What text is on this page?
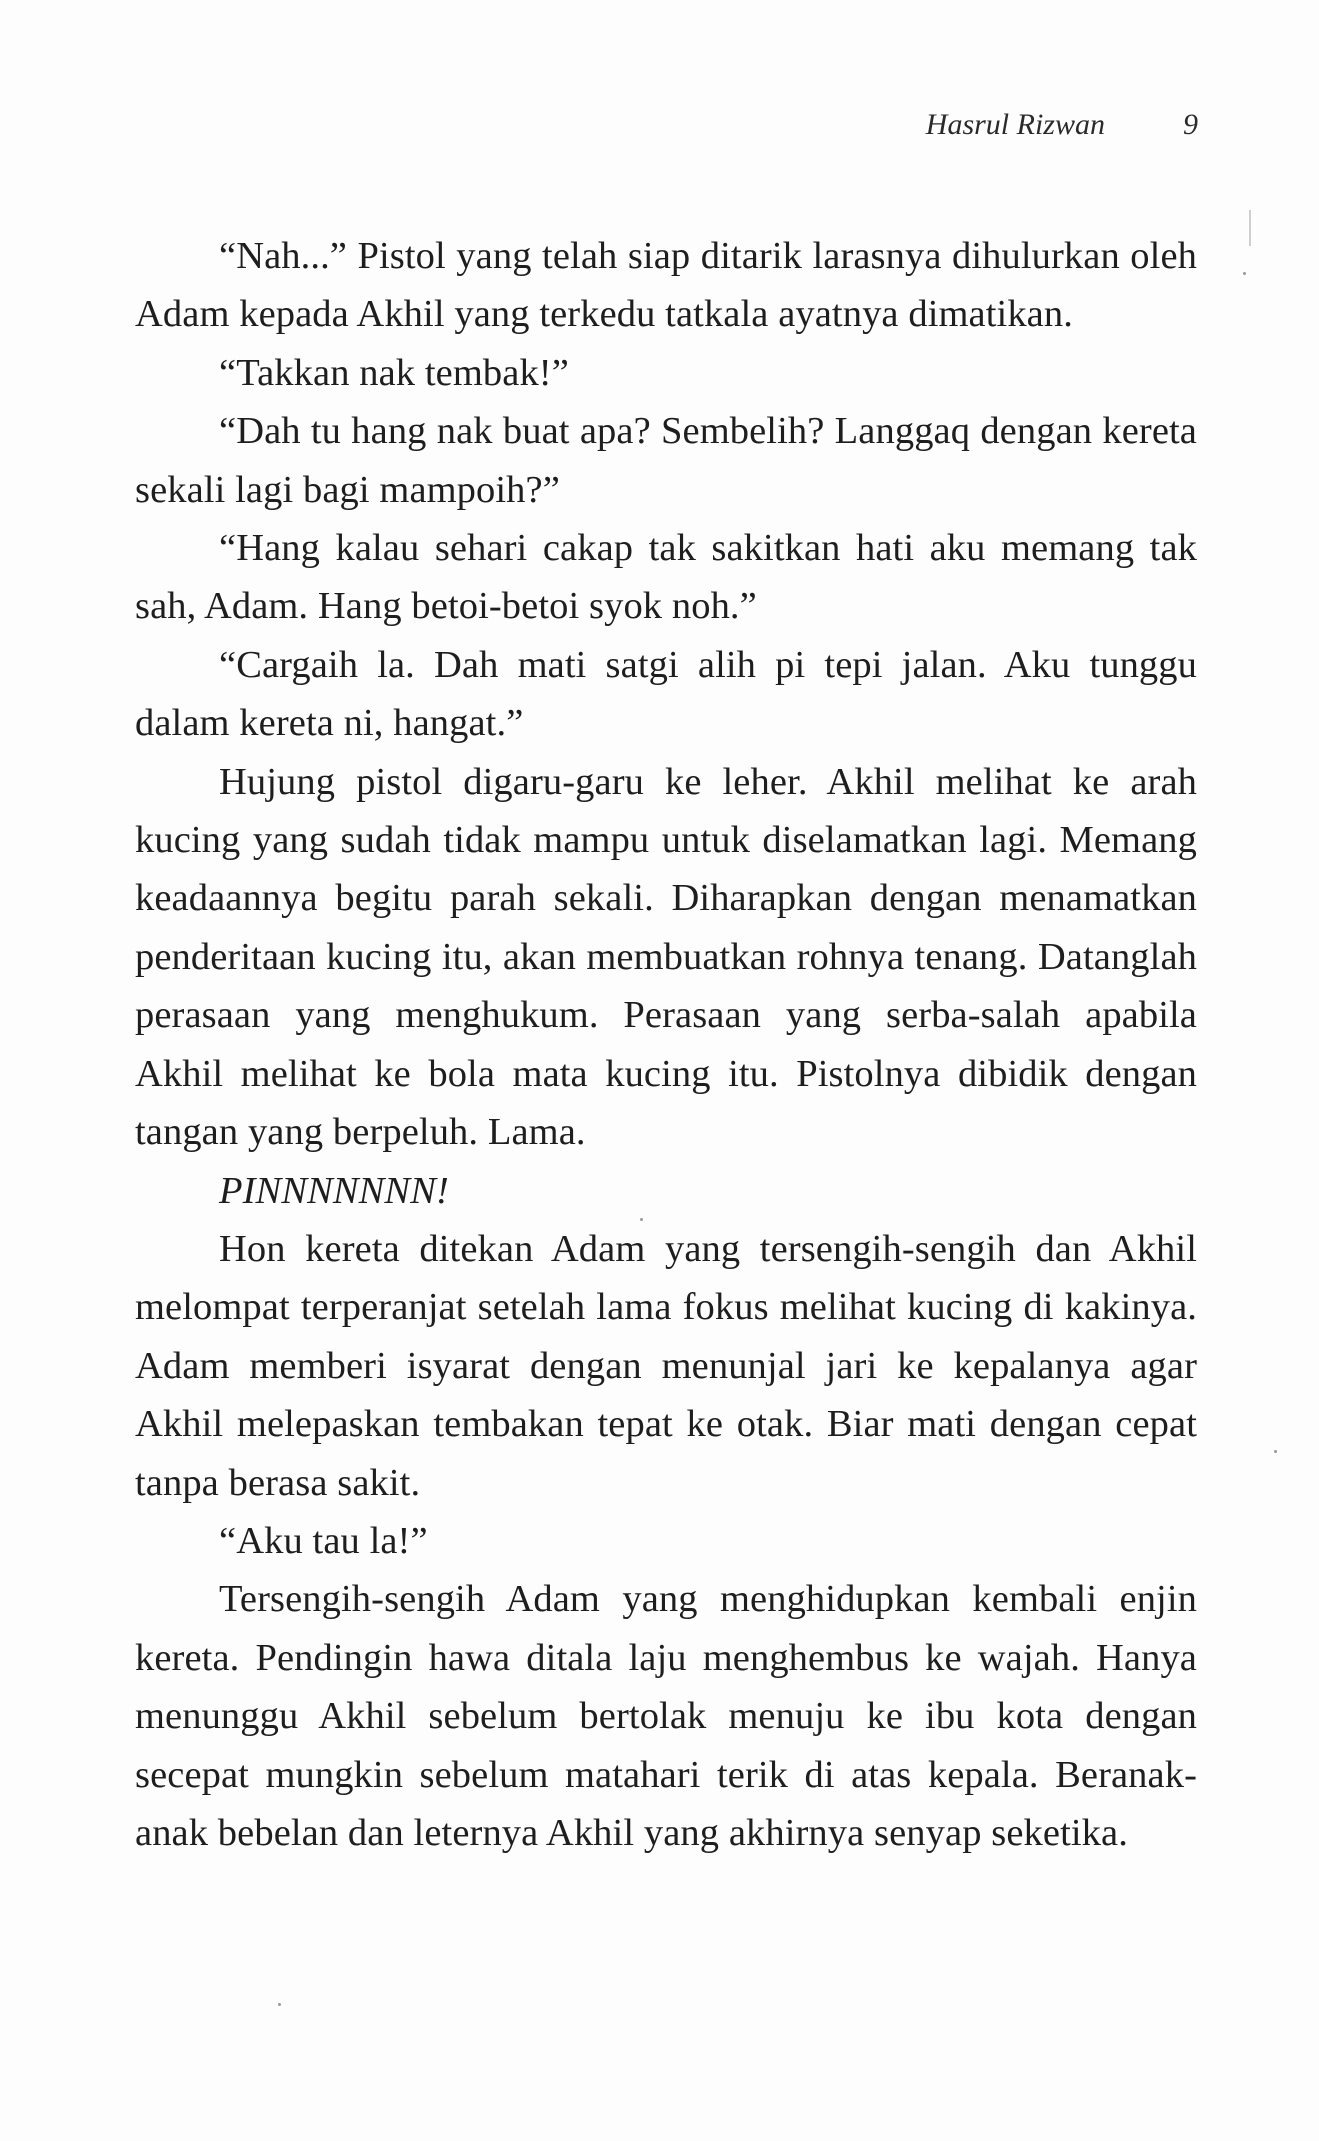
Hasrul Rizwan	9

“Nah...” Pistol yang telah siap ditarik larasnya dihulurkan oleh Adam kepada Akhil yang terkedu tatkala ayatnya dimatikan.

“Takkan nak tembak!”

“Dah tu hang nak buat apa? Sembelih? Langgaq dengan kereta sekali lagi bagi mampoih?”

“Hang kalau sehari cakap tak sakitkan hati aku memang tak sah, Adam. Hang betoi-betoi syok noh.”

“Cargaih la. Dah mati satgi alih pi tepi jalan. Aku tunggu dalam kereta ni, hangat.”

Hujung pistol digaru-garu ke leher. Akhil melihat ke arah kucing yang sudah tidak mampu untuk diselamatkan lagi. Memang keadaannya begitu parah sekali. Diharapkan dengan menamatkan penderitaan kucing itu, akan membuatkan rohnya tenang. Datanglah perasaan yang menghukum. Perasaan yang serba-salah apabila Akhil melihat ke bola mata kucing itu. Pistolnya dibidik dengan tangan yang berpeluh. Lama.

PINNNNNNN!

Hon kereta ditekan Adam yang tersengih-sengih dan Akhil melompat terperanjat setelah lama fokus melihat kucing di kakinya. Adam memberi isyarat dengan menunjal jari ke kepalanya agar Akhil melepaskan tembakan tepat ke otak. Biar mati dengan cepat tanpa berasa sakit.

“Aku tau la!”

Tersengih-sengih Adam yang menghidupkan kembali enjin kereta. Pendingin hawa ditala laju menghembus ke wajah. Hanya menunggu Akhil sebelum bertolak menuju ke ibu kota dengan secepat mungkin sebelum matahari terik di atas kepala. Beranak-anak bebelan dan leternya Akhil yang akhirnya senyap seketika.
